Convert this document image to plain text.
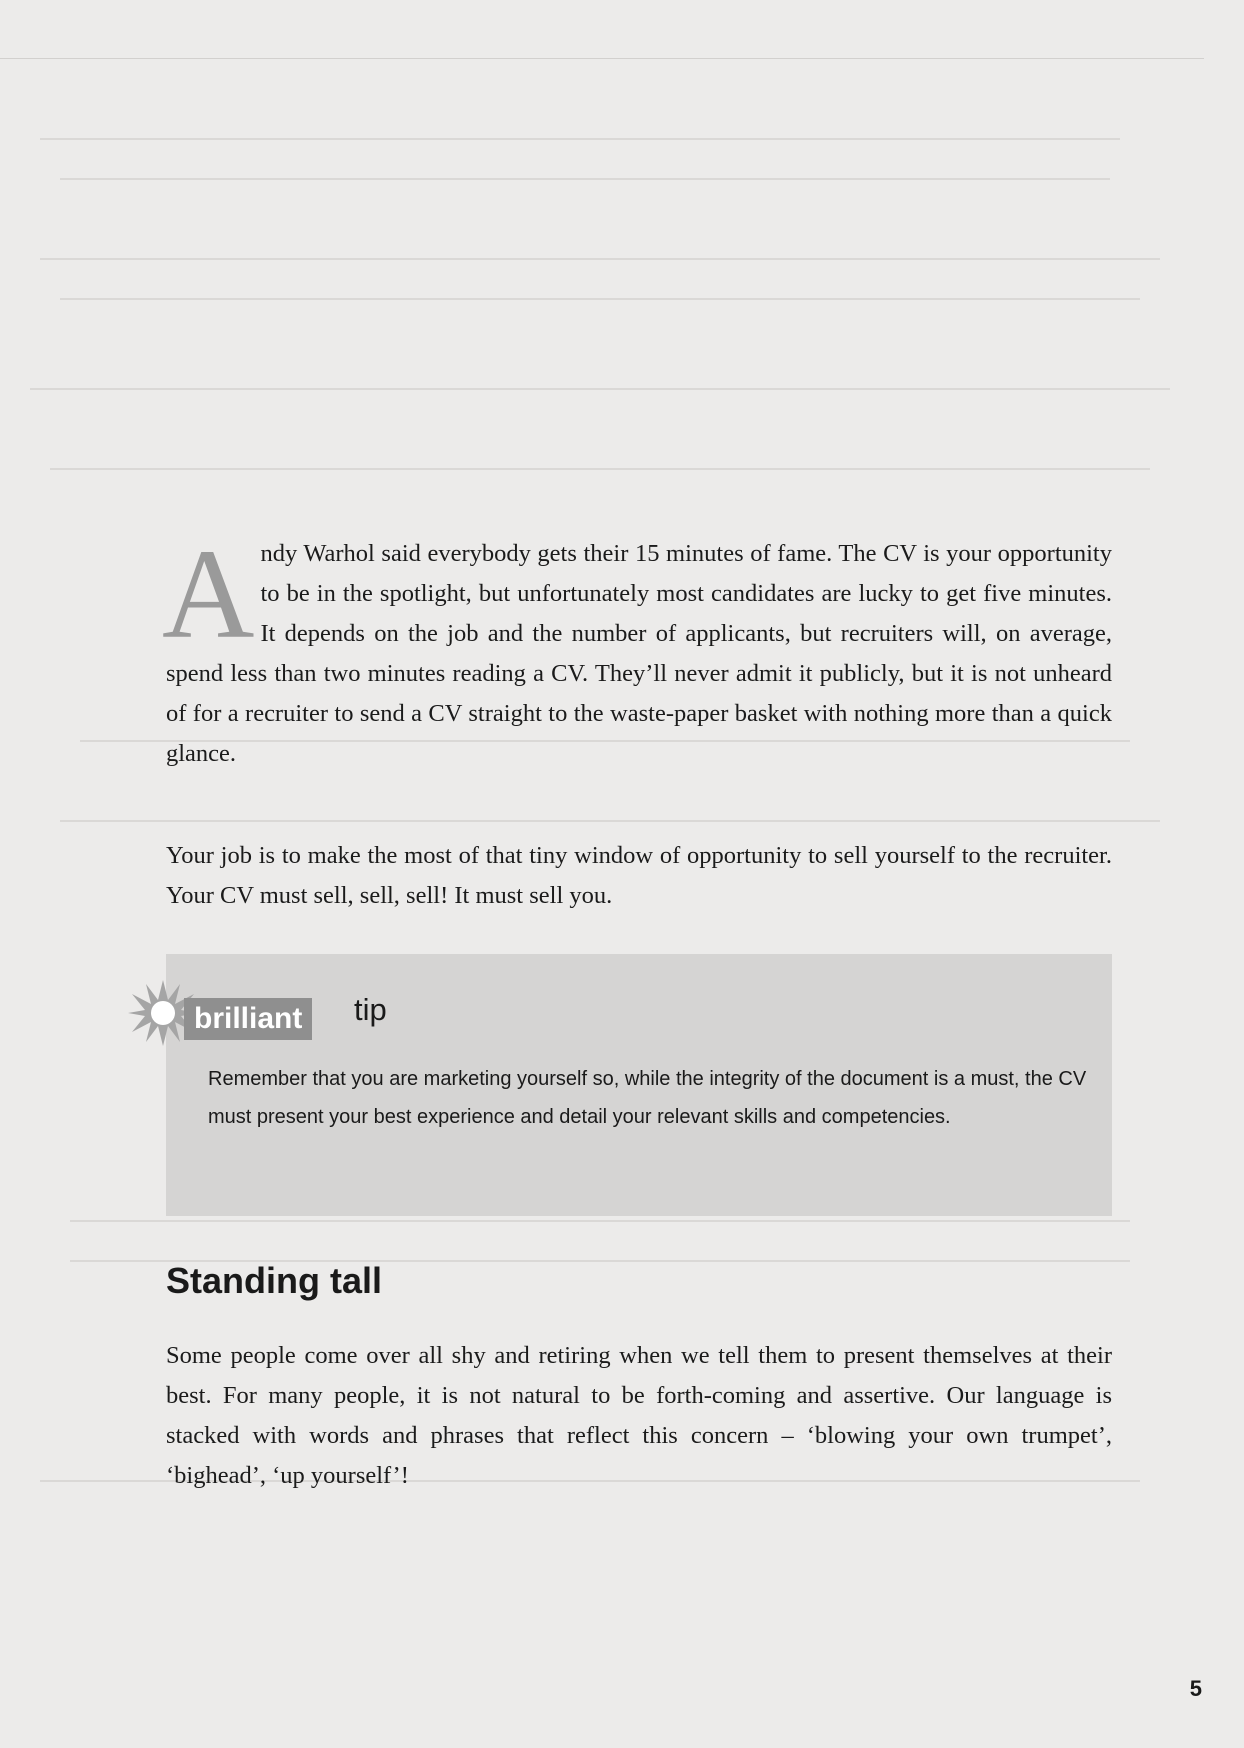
Andy Warhol said everybody gets their 15 minutes of fame. The CV is your opportunity to be in the spotlight, but unfortunately most candidates are lucky to get five minutes. It depends on the job and the number of applicants, but recruiters will, on average, spend less than two minutes reading a CV. They’ll never admit it publicly, but it is not unheard of for a recruiter to send a CV straight to the waste-paper basket with nothing more than a quick glance.

Your job is to make the most of that tiny window of opportunity to sell yourself to the recruiter. Your CV must sell, sell, sell! It must sell you.

brilliant	tip

Remember that you are marketing yourself so, while the integrity of the document is a must, the CV must present your best experience and detail your relevant skills and competencies.

Standing tall

Some people come over all shy and retiring when we tell them to present themselves at their best. For many people, it is not natural to be forth-coming and assertive. Our language is stacked with words and phrases that reflect this concern – ‘blowing your own trumpet’, ‘bighead’, ‘up yourself’!

5
